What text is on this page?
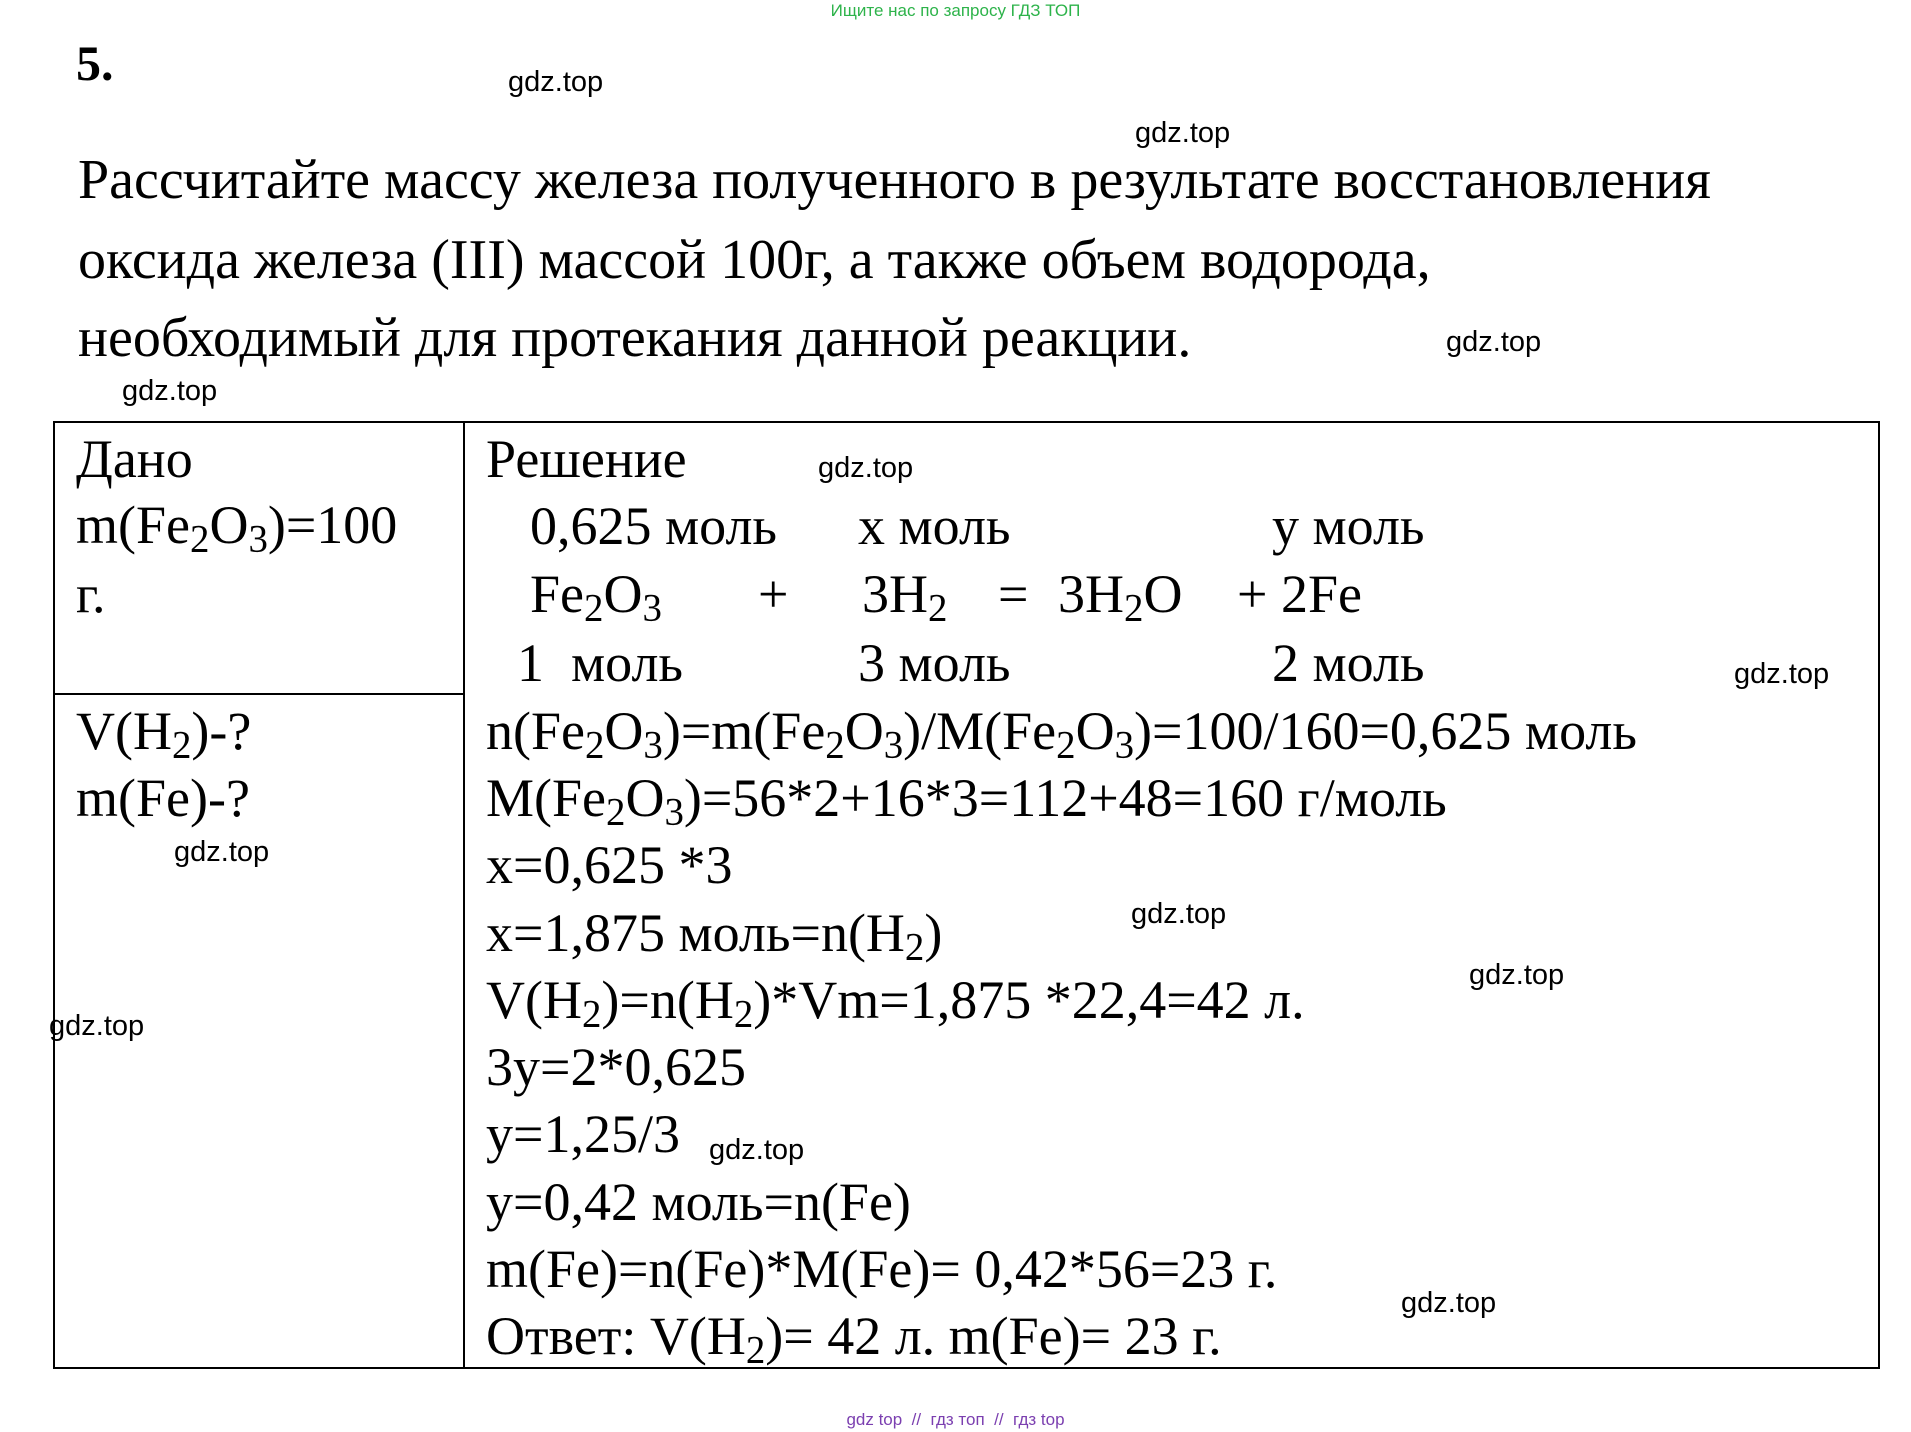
Ищите нас по запросу ГДЗ ТОП
5.
Рассчитайте массу железа полученного в результате восстановления
оксида железа (III) массой 100г, а также объем водорода,
необходимый для протекания данной реакции.
Дано
$m(Fe_2O_3)=100$
г.
$V(H_2)-$?
m(Fe)-?
Решение
0,625 моль x моль	y моль
$Fe_2O_3 + 3H_2 = 3H_2O + 2Fe$
1  моль	3 моль	2 моль
$n(Fe_2O_3)=m(Fe_2O_3)/M(Fe_2O_3)=100/160=0,625$ моль
$M(Fe_2O_3)=56*2+16*3=112+48=160$ г/моль
x=0,625 *3
x=1,875 $моль=n(H_2)$
$V(H_2)=n(H_2)*Vm=1,875$ *22,4=42 л.
3y=2*0,625
y=1,25/3
y=0,42 моль=n(Fe)
m(Fe)=n(Fe)*M(Fe)= 0,42*56=23 г.
Ответ: $V(H_2)= 42$ л. m(Fe)= 23 г.
gdz.top
gdz.top
gdz.top
gdz.top
gdz.top
gdz.top
gdz.top
gdz.top
gdz.top
gdz.top
gdz.top
gdz.top
gdz top  //  гдз топ  //  гдз top
